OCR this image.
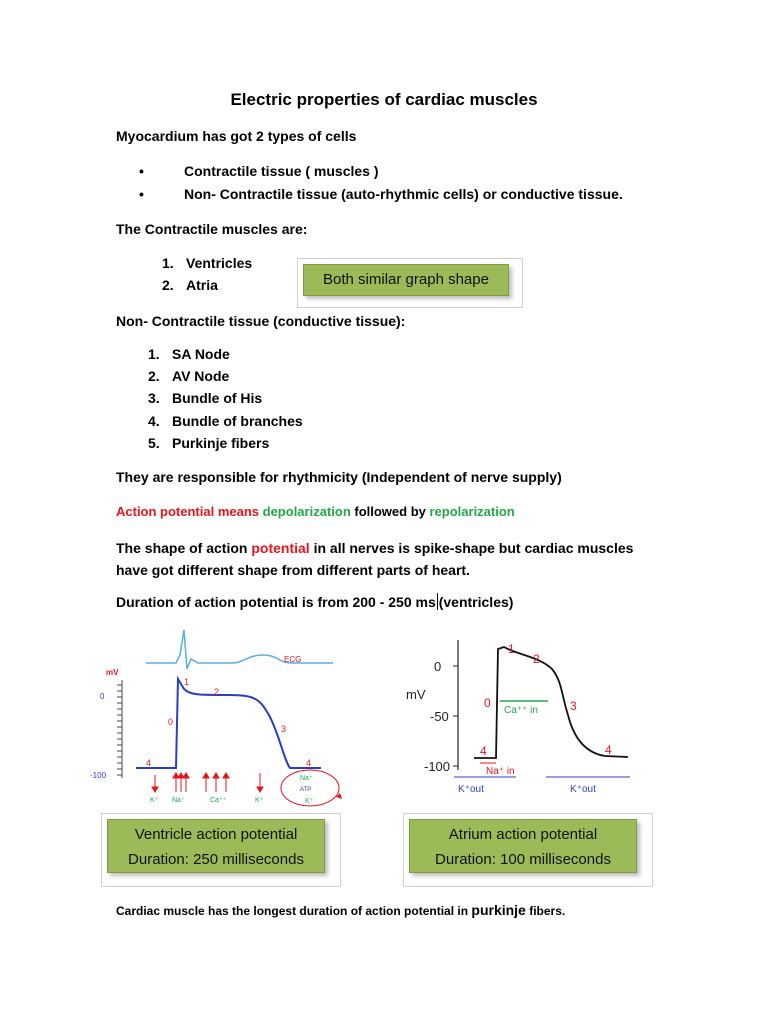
Electric properties of cardiac muscles
Myocardium has got 2 types of cells
•	Contractile tissue ( muscles )
•	Non- Contractile tissue (auto-rhythmic cells) or conductive tissue.
The Contractile muscles are:
1. Ventricles
2. Atria	Both similar graph shape
Non- Contractile tissue (conductive tissue):
1. SA Node
2. AV Node
3. Bundle of His
4. Bundle of branches
5. Purkinje fibers
They are responsible for rhythmicity (Independent of nerve supply)
Action potential means depolarization followed by repolarization
The shape of action potential in all nerves is spike-shape but cardiac muscles
have got different shape from different parts of heart.
Duration of action potential is from 200 - 250 ms (ventricles)
ECG
mV
0
-100
0
1
2
3
4	4
K⁺ Na⁺	Ca⁺⁺	K⁺
Na⁺
ATP
K⁺
0
-50
-100
mV
1
2
0	3
4	4
Ca⁺⁺ in
Na⁺ in
K⁺out	K⁺out
Ventricle action potential
Duration: 250 milliseconds
Atrium action potential
Duration: 100 milliseconds
Cardiac muscle has the longest duration of action potential in purkinje fibers.
